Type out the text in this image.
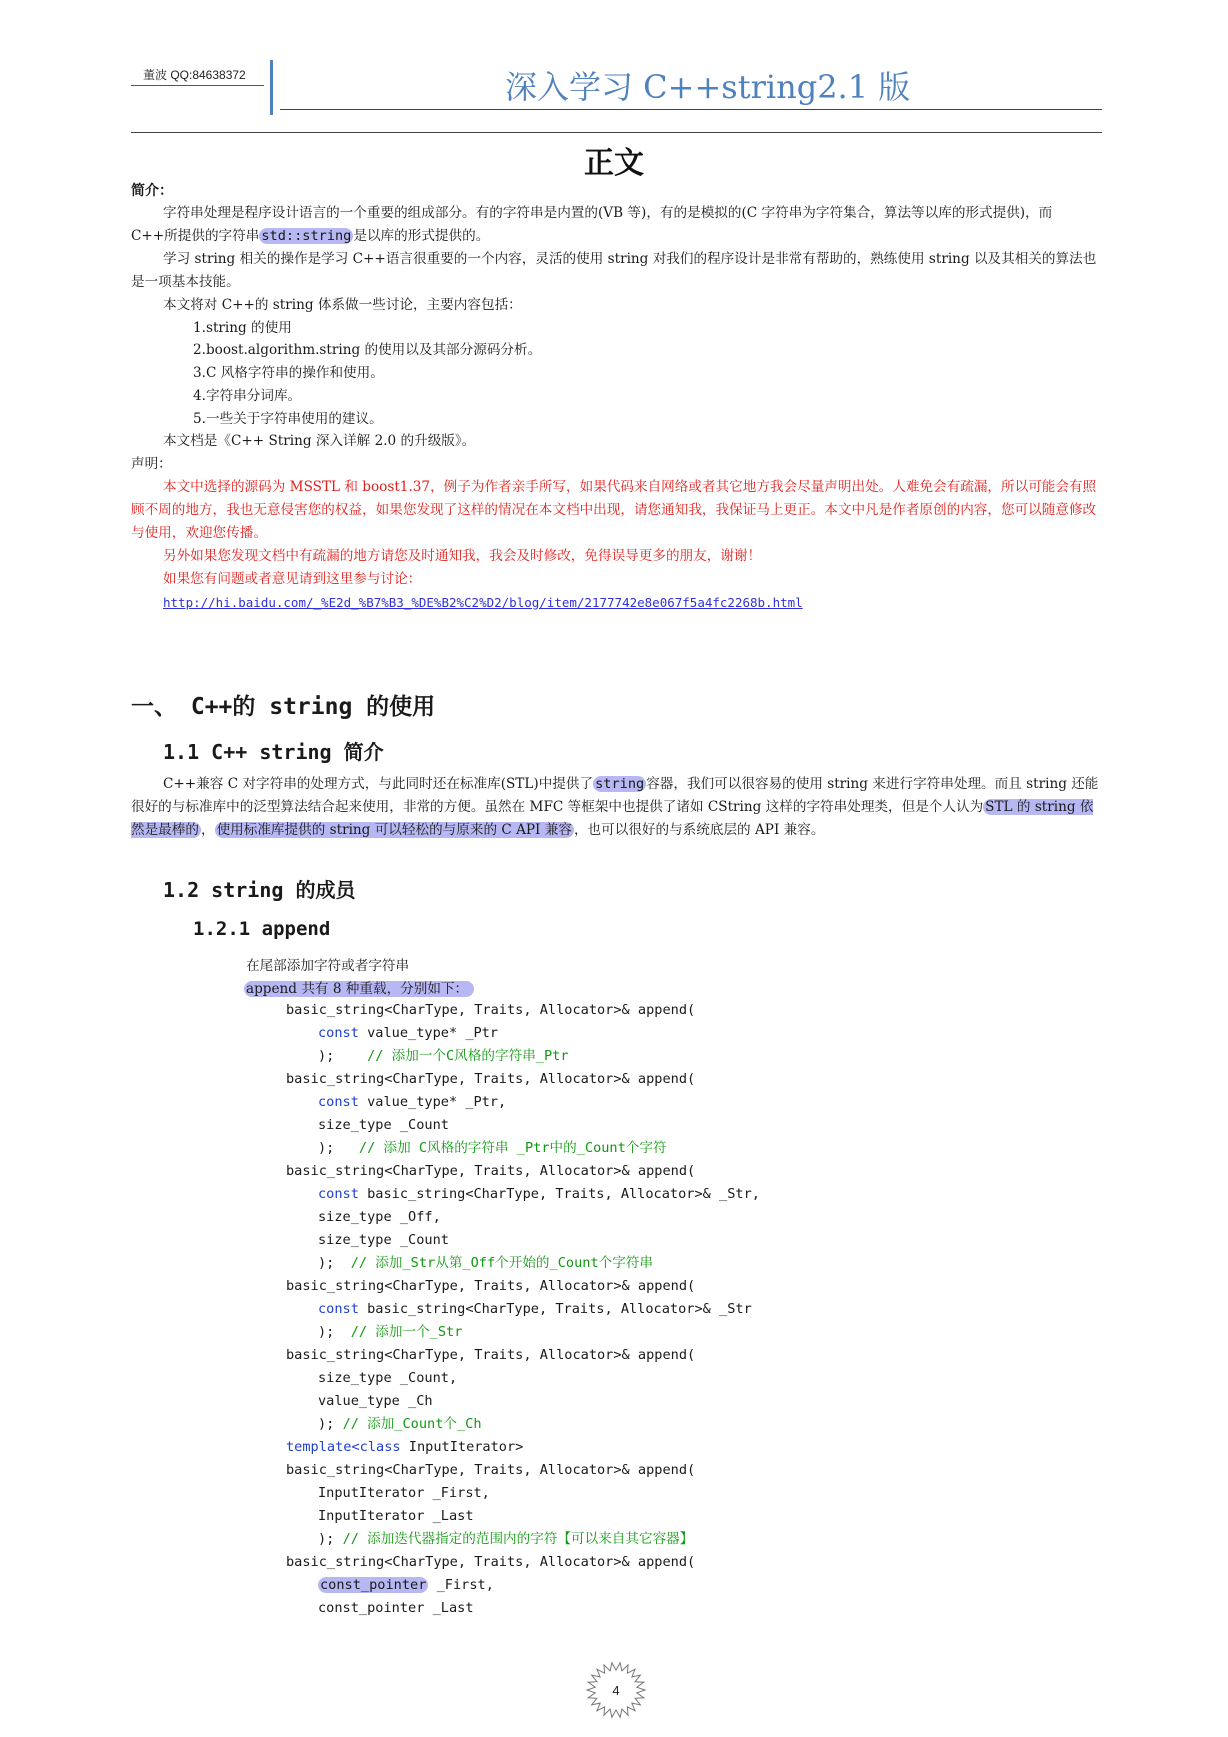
董波 QQ:84638372	深入学习 C++string2.1 版
正文
简介：
字符串处理是程序设计语言的一个重要的组成部分。有的字符串是内置的(VB 等)，有的是模拟的(C 字符串为字符集合，算法等以库的形式提供)，而 C++所提供的字符串 std::string 是以库的形式提供的。
学习 string 相关的操作是学习 C++语言很重要的一个内容，灵活的使用 string 对我们的程序设计是非常有帮助的，熟练使用 string 以及其相关的算法也是一项基本技能。
本文将对 C++的 string 体系做一些讨论，主要内容包括：
1.string 的使用
2.boost.algorithm.string 的使用以及其部分源码分析。
3.C 风格字符串的操作和使用。
4.字符串分词库。
5.一些关于字符串使用的建议。
本文档是《C++ String 深入详解 2.0 的升级版》。
声明：
本文中选择的源码为 MSSTL 和 boost1.37，例子为作者亲手所写，如果代码来自网络或者其它地方我会尽量声明出处。人难免会有疏漏，所以可能会有照顾不周的地方，我也无意侵害您的权益，如果您发现了这样的情况在本文档中出现，请您通知我，我保证马上更正。本文中凡是作者原创的内容，您可以随意修改与使用，欢迎您传播。
另外如果您发现文档中有疏漏的地方请您及时通知我，我会及时修改，免得误导更多的朋友，谢谢！
如果您有问题或者意见请到这里参与讨论：
http://hi.baidu.com/_%E2d_%B7%B3_%DE%B2%C2%D2/blog/item/2177742e8e067f5a4fc2268b.html
一、 C++的 string 的使用
1.1 C++ string 简介
C++兼容 C 对字符串的处理方式，与此同时还在标准库(STL)中提供了 string 容器，我们可以很容易的使用 string 来进行字符串处理。而且 string 还能很好的与标准库中的泛型算法结合起来使用，非常的方便。虽然在 MFC 等框架中也提供了诸如 CString 这样的字符串处理类，但是个人认为 STL 的 string 依然是最棒的 ， 使用标准库提供的 string 可以轻松的与原来的 C API 兼容 ，也可以很好的与系统底层的 API 兼容。
1.2 string 的成员
1.2.1 append
在尾部添加字符或者字符串
append 共有 8 种重载，分别如下：
basic_string<CharType, Traits, Allocator>& append(
const value_type* _Ptr
);    // 添加一个C风格的字符串_Ptr
basic_string<CharType, Traits, Allocator>& append(
const value_type* _Ptr,
size_type _Count
);   // 添加 C风格的字符串 _Ptr中的_Count个字符
basic_string<CharType, Traits, Allocator>& append(
const basic_string<CharType, Traits, Allocator>& _Str,
size_type _Off,
size_type _Count
);  // 添加_Str从第_Off个开始的_Count个字符串
basic_string<CharType, Traits, Allocator>& append(
const basic_string<CharType, Traits, Allocator>& _Str
);  // 添加一个_Str
basic_string<CharType, Traits, Allocator>& append(
size_type _Count,
value_type _Ch
); // 添加_Count个_Ch
template<class InputIterator>
basic_string<CharType, Traits, Allocator>& append(
InputIterator _First,
InputIterator _Last
); // 添加迭代器指定的范围内的字符【可以来自其它容器】
basic_string<CharType, Traits, Allocator>& append(
const_pointer _First,
const_pointer _Last
4
